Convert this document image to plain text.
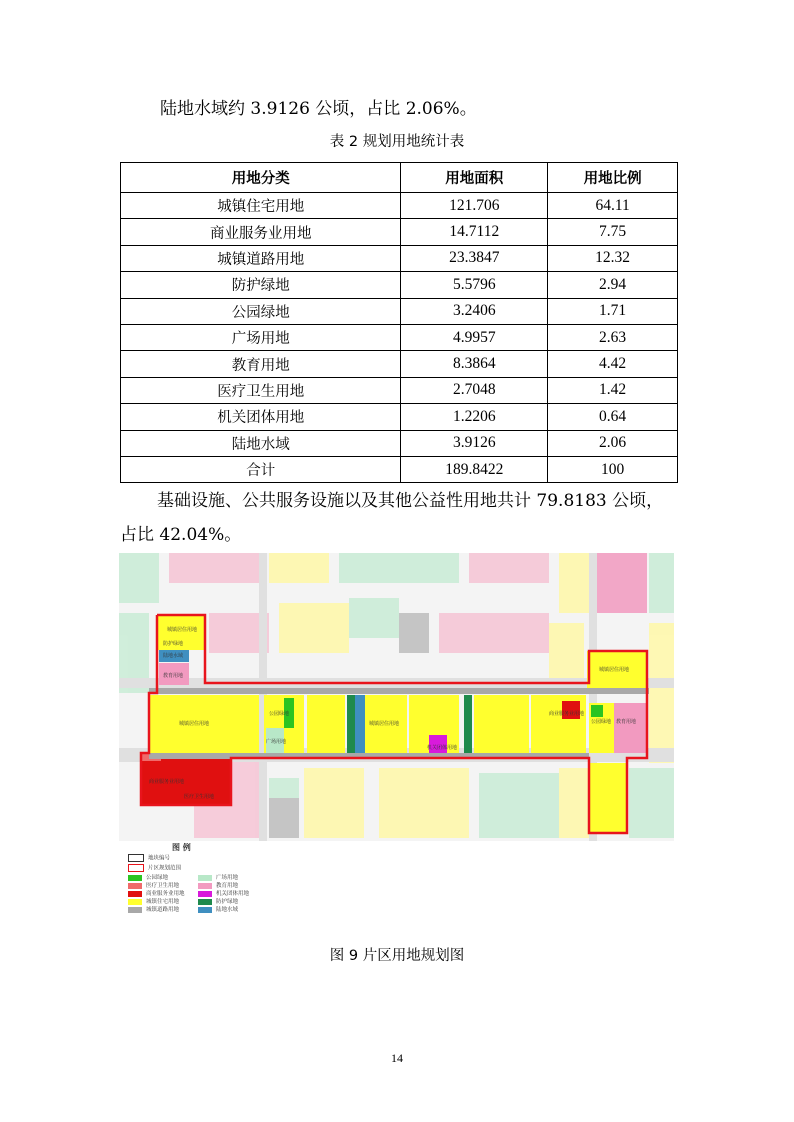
陆地水域约 3.9126 公顷，占比 2.06%。
表 2 规划用地统计表
用地分类	用地面积	用地比例
城镇住宅用地	121.706	64.11
商业服务业用地	14.7112	7.75
城镇道路用地	23.3847	12.32
防护绿地	5.5796	2.94
公园绿地	3.2406	1.71
广场用地	4.9957	2.63
教育用地	8.3864	4.42
医疗卫生用地	2.7048	1.42
机关团体用地	1.2206	0.64
陆地水域	3.9126	2.06
合计	189.8422	100
基础设施、公共服务设施以及其他公益性用地共计 79.8183 公顷，占比 42.04%。
城镇居住用地
防护绿地
陆地水域
教育用地
公园绿地
广场用地
城镇居住用地
商业服务业用地
医疗卫生用地
机关团体用地
城镇居住用地	教育用地
公园绿地
城镇居住用地
商业服务业用地
图 例
地块编号
片区规划范围
公园绿地	广场用地
医疗卫生用地	教育用地
商业服务业用地	机关团体用地
城镇住宅用地	防护绿地
城镇道路用地	陆地水域
图 9 片区用地规划图
14
